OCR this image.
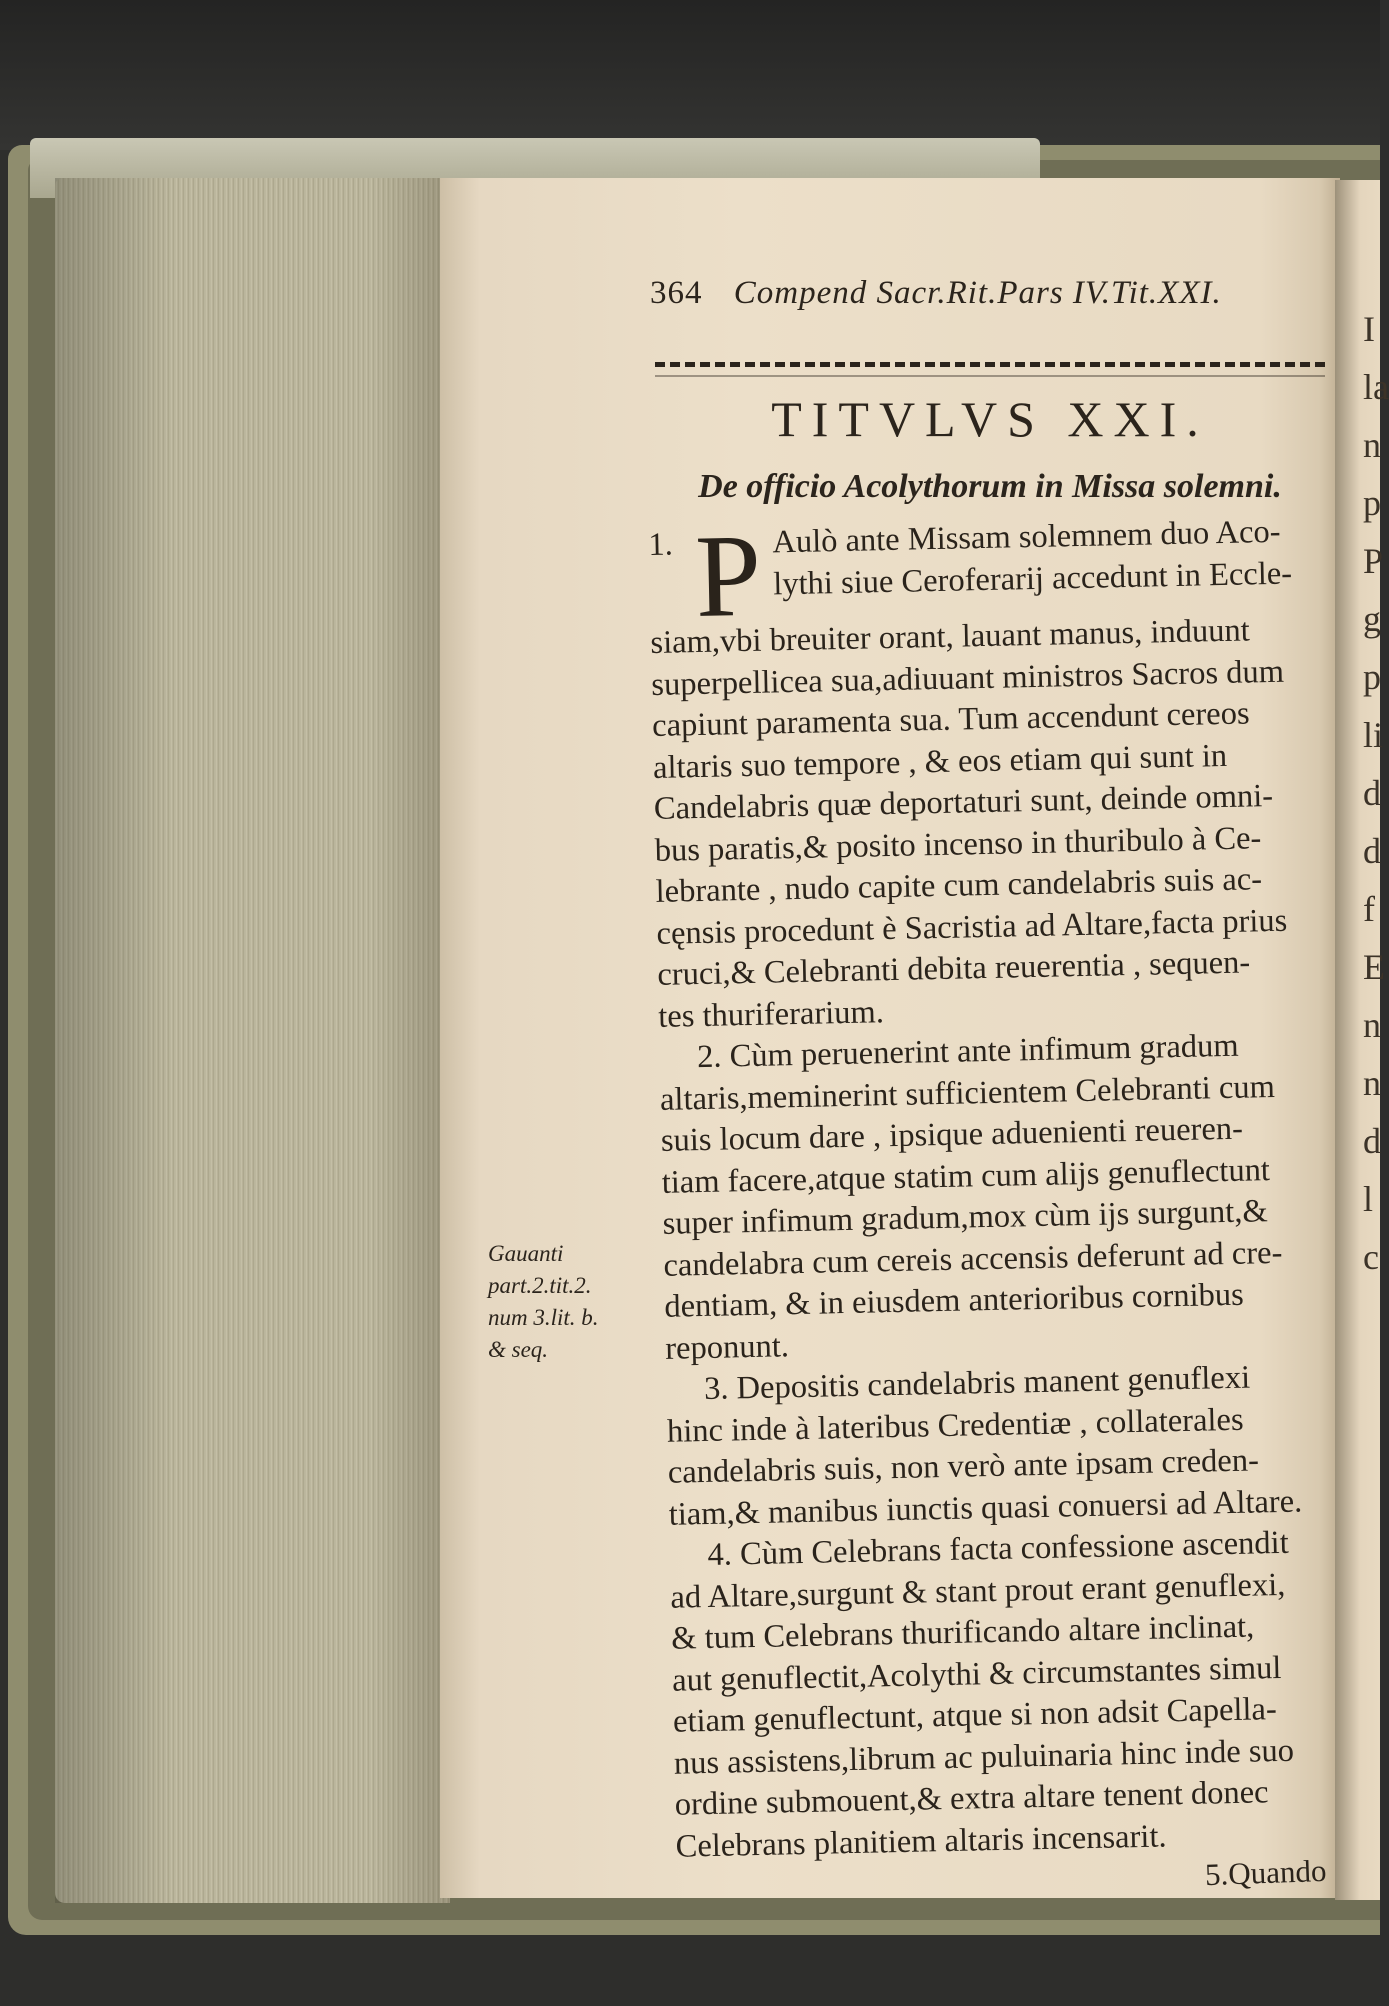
I
la
n
p
P
g
p
li
d
d
f
E
n
n
d
l
c
364 Compend Sacr.Rit.Pars IV.Tit.XXI.
TITVLVS XXI.
De officio Acolythorum in Missa solemni.
1. P Aulò ante Missam solemnem duo Aco-
lythi siue Ceroferarij accedunt in Eccle-
siam,vbi breuiter orant, lauant manus, induunt
superpellicea sua,adiuuant ministros Sacros dum
capiunt paramenta sua. Tum accendunt cereos
altaris suo tempore , & eos etiam qui sunt in
Candelabris quæ deportaturi sunt, deinde omni-
bus paratis,& posito incenso in thuribulo à Ce-
lebrante , nudo capite cum candelabris suis ac-
cęnsis procedunt è Sacristia ad Altare,facta prius
cruci,& Celebranti debita reuerentia , sequen-
tes thuriferarium.
2. Cùm peruenerint ante infimum gradum
altaris,meminerint sufficientem Celebranti cum
suis locum dare , ipsique aduenienti reueren-
tiam facere,atque statim cum alijs genuflectunt
super infimum gradum,mox cùm ijs surgunt,&
candelabra cum cereis accensis deferunt ad cre-
dentiam, & in eiusdem anterioribus cornibus
reponunt.
3. Depositis candelabris manent genuflexi
hinc inde à lateribus Credentiæ , collaterales
candelabris suis, non verò ante ipsam creden-
tiam,& manibus iunctis quasi conuersi ad Altare.
4. Cùm Celebrans facta confessione ascendit
ad Altare,surgunt & stant prout erant genuflexi,
& tum Celebrans thurificando altare inclinat,
aut genuflectit,Acolythi & circumstantes simul
etiam genuflectunt, atque si non adsit Capella-
nus assistens,librum ac puluinaria hinc inde suo
ordine submouent,& extra altare tenent donec
Celebrans planitiem altaris incensarit.
Gauanti
part.2.tit.2.
num 3.lit. b.
& seq.
5.Quando
